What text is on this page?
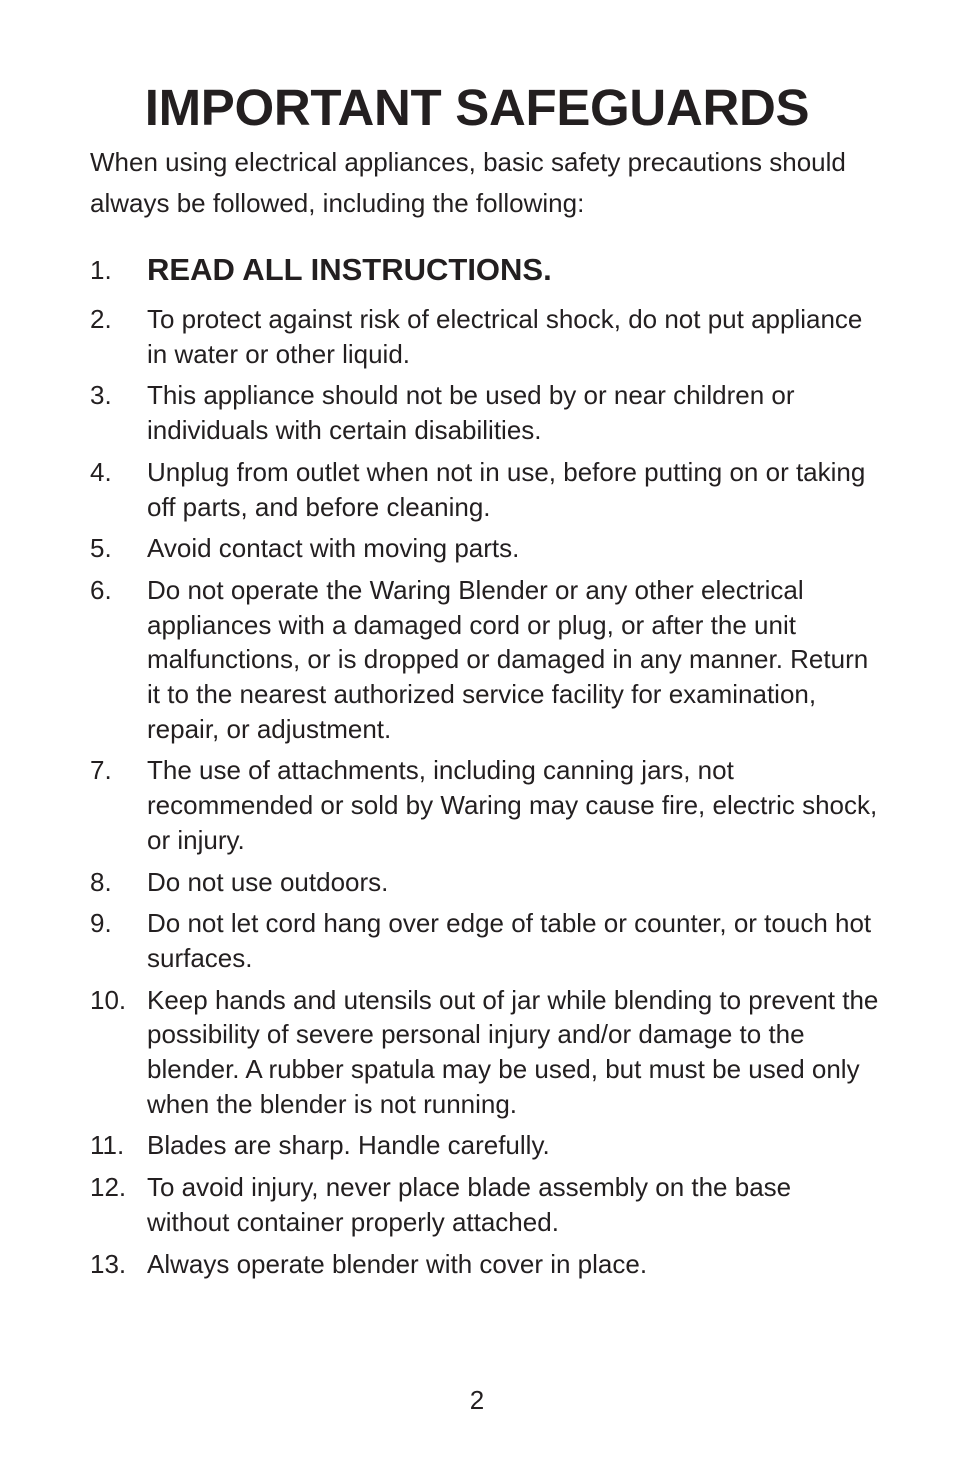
IMPORTANT SAFEGUARDS

When using electrical appliances, basic safety precautions should always be followed, including the following:

1.	READ ALL INSTRUCTIONS.
2.	To protect against risk of electrical shock, do not put appliance in water or other liquid.
3.	This appliance should not be used by or near children or individuals with certain disabilities.
4.	Unplug from outlet when not in use, before putting on or taking off parts, and before cleaning.
5.	Avoid contact with moving parts.
6.	Do not operate the Waring Blender or any other electrical appliances with a damaged cord or plug, or after the unit malfunctions, or is dropped or damaged in any manner. Return it to the nearest authorized service facility for examination, repair, or adjustment.
7.	The use of attachments, including canning jars, not recommended or sold by Waring may cause fire, electric shock, or injury.
8.	Do not use outdoors.
9.	Do not let cord hang over edge of table or counter, or touch hot surfaces.
10. Keep hands and utensils out of jar while blending to prevent the possibility of severe personal injury and/or damage to the blender. A rubber spatula may be used, but must be used only when the blender is not running.
11. Blades are sharp. Handle carefully.
12. To avoid injury, never place blade assembly on the base without container properly attached.
13. Always operate blender with cover in place.
2
